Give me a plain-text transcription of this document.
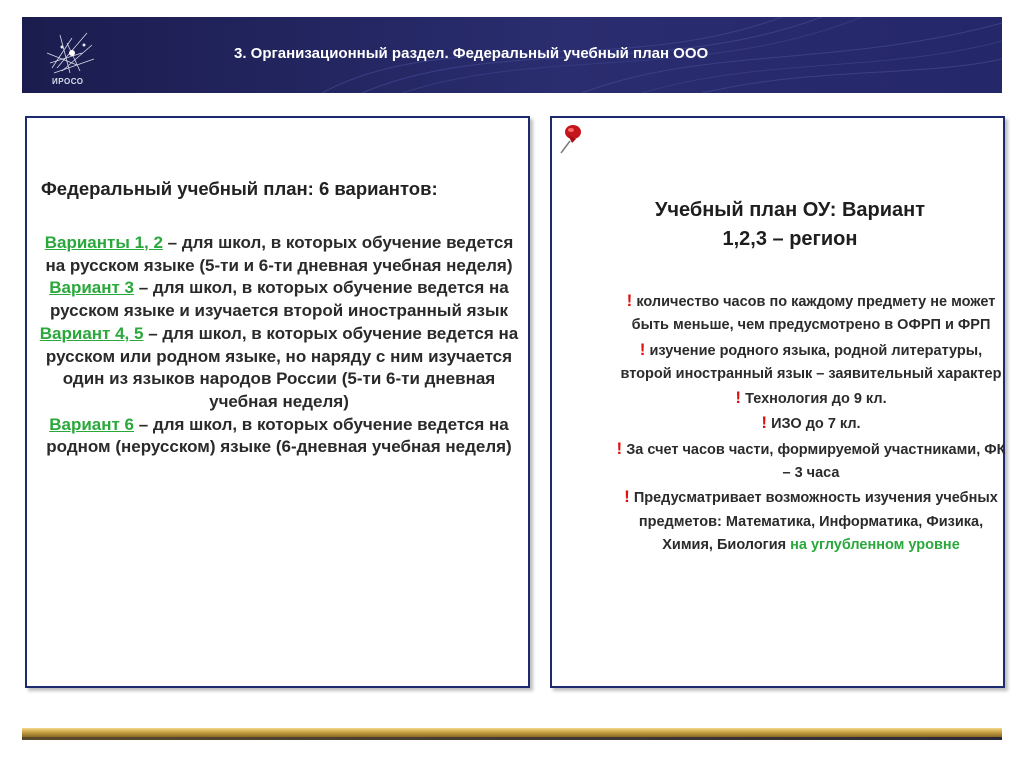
ИРОСО
3. Организационный раздел. Федеральный учебный план ООО
Федеральный учебный план: 6 вариантов:
Варианты 1, 2 – для школ, в которых обучение ведется на русском языке (5-ти и 6-ти дневная учебная неделя)
Вариант 3 – для школ, в которых обучение ведется на русском языке и изучается второй иностранный язык
Вариант 4, 5 – для школ, в которых обучение ведется на русском или родном языке, но наряду с ним изучается один из языков народов России (5-ти 6-ти дневная учебная неделя)
Вариант 6 – для школ, в которых обучение ведется на родном (нерусском) языке (6-дневная учебная неделя)
Учебный план ОУ: Вариант
1,2,3 – регион
! количество часов по каждому предмету не может быть меньше, чем предусмотрено в ОФРП и ФРП
! изучение родного языка, родной литературы, второй иностранный язык – заявительный характер
! Технология до 9 кл.
! ИЗО до 7 кл.
! За счет часов части, формируемой участниками, ФК – 3 часа
! Предусматривает возможность изучения учебных предметов: Математика, Информатика, Физика, Химия, Биология на углубленном уровне
